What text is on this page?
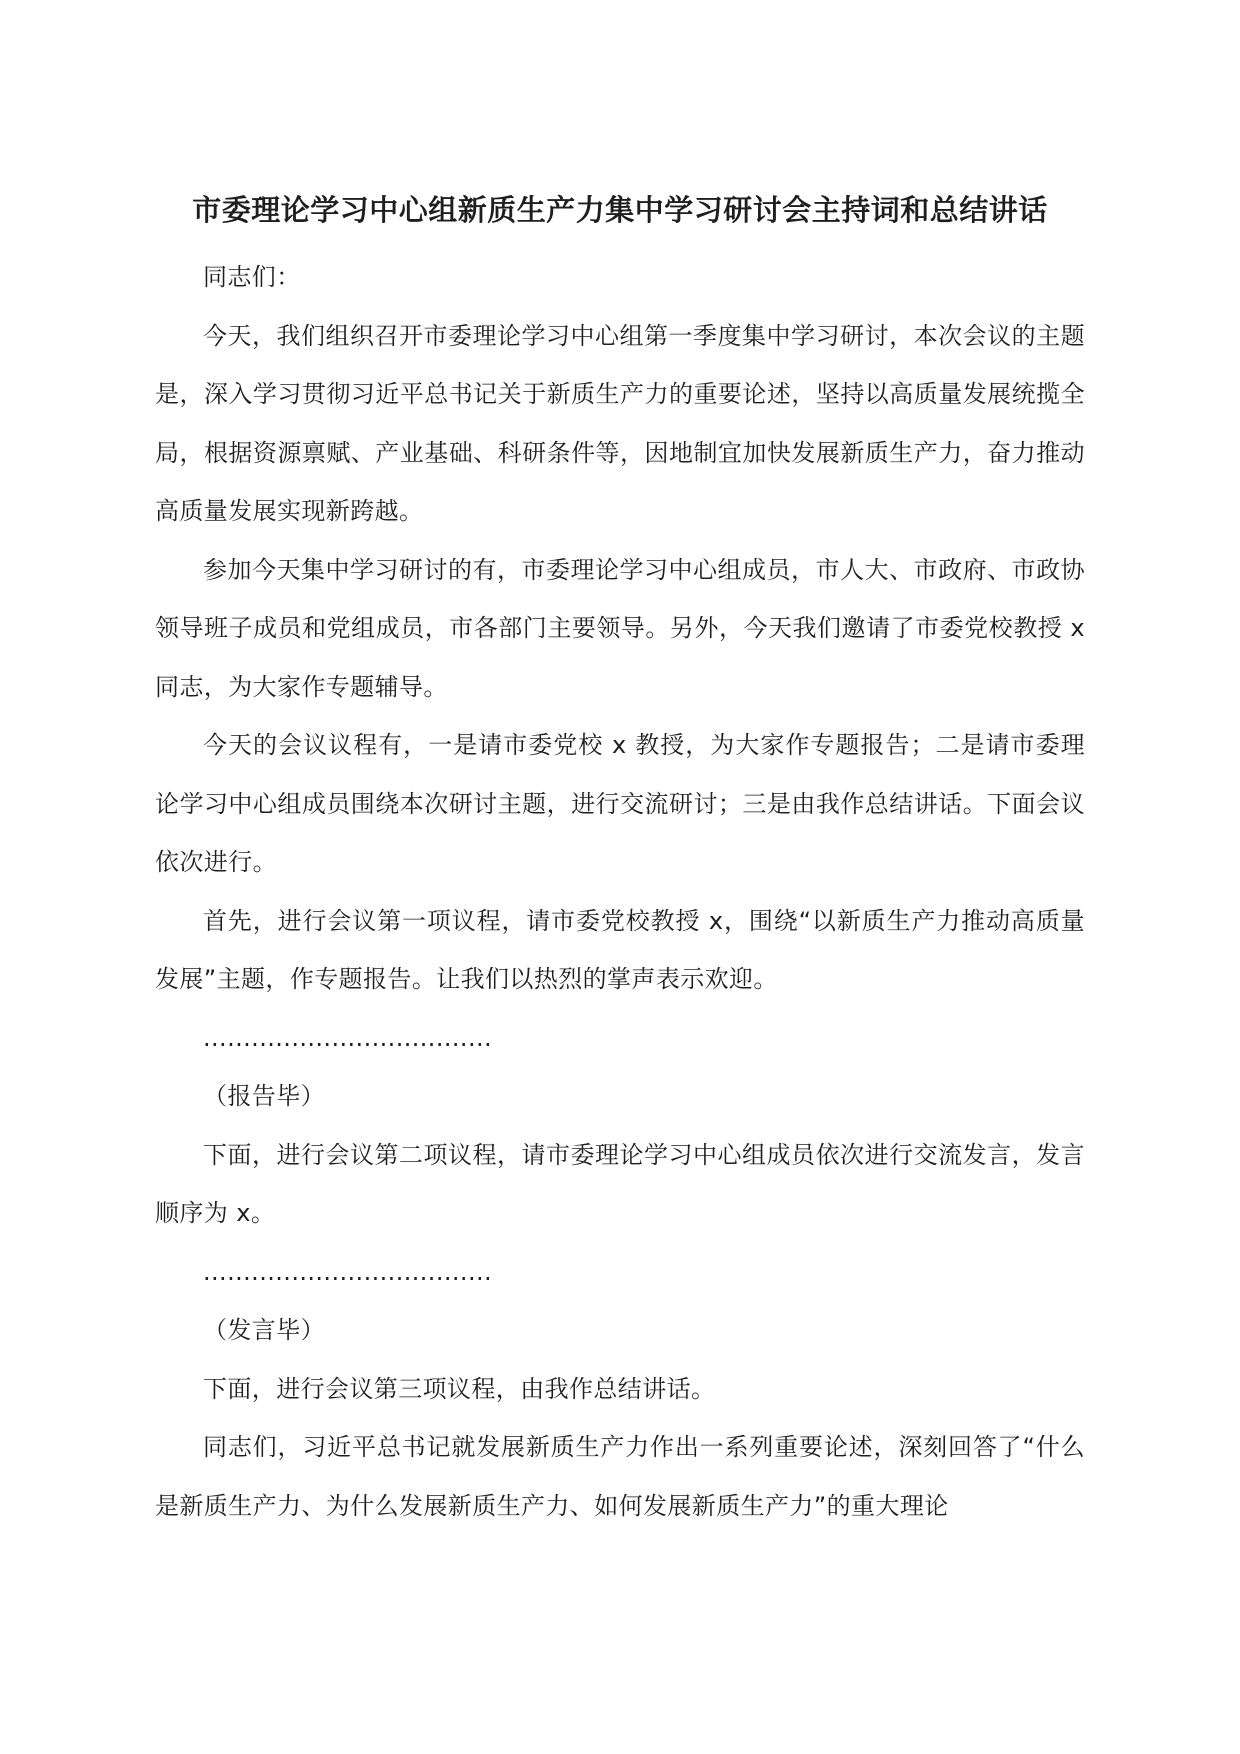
市委理论学习中心组新质生产力集中学习研讨会主持词和总结讲话

同志们：

今天，我们组织召开市委理论学习中心组第一季度集中学习研讨，本次会议的主题是，深入学习贯彻习近平总书记关于新质生产力的重要论述，坚持以高质量发展统揽全局，根据资源禀赋、产业基础、科研条件等，因地制宜加快发展新质生产力，奋力推动高质量发展实现新跨越。

参加今天集中学习研讨的有，市委理论学习中心组成员，市人大、市政府、市政协领导班子成员和党组成员，市各部门主要领导。另外，今天我们邀请了市委党校教授 x 同志，为大家作专题辅导。

今天的会议议程有，一是请市委党校 x 教授，为大家作专题报告；二是请市委理论学习中心组成员围绕本次研讨主题，进行交流研讨；三是由我作总结讲话。下面会议依次进行。

首先，进行会议第一项议程，请市委党校教授 x，围绕“以新质生产力推动高质量发展”主题，作专题报告。让我们以热烈的掌声表示欢迎。

....................................

（报告毕）

下面，进行会议第二项议程，请市委理论学习中心组成员依次进行交流发言，发言顺序为 x。

....................................

（发言毕）

下面，进行会议第三项议程，由我作总结讲话。

同志们，习近平总书记就发展新质生产力作出一系列重要论述，深刻回答了“什么是新质生产力、为什么发展新质生产力、如何发展新质生产力”的重大理论
